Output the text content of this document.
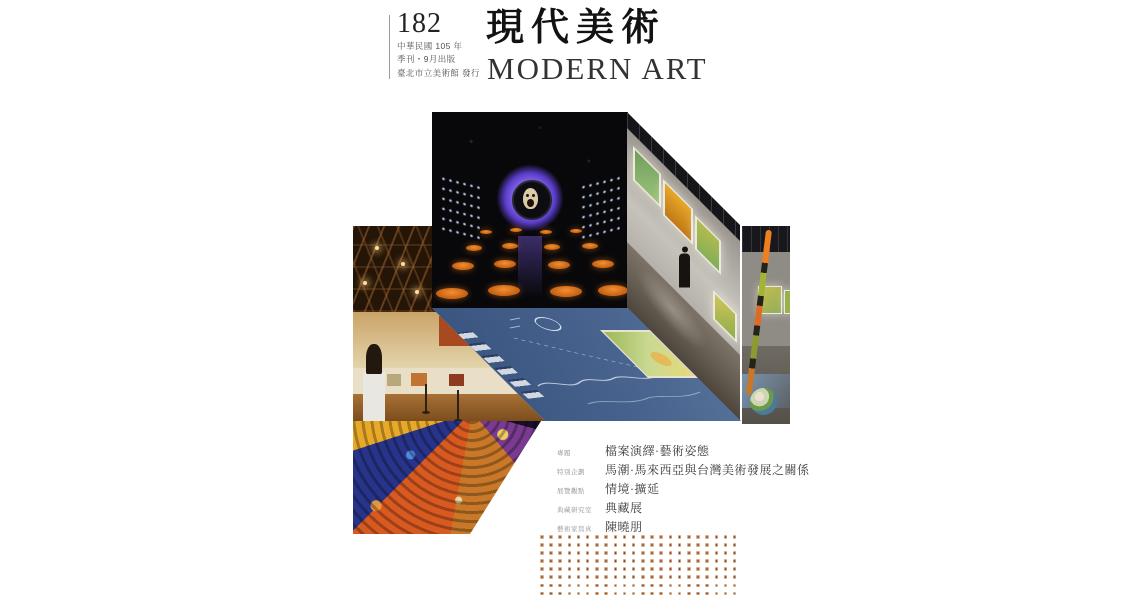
182
中華民國 105 年
季刊・9月出版
臺北市立美術館 發行
現代美術
MODERN ART
專題	檔案演繹·藝術姿態
特別企劃	馬潮·馬來西亞與台灣美術發展之關係
展覽觀點	情境·擴延
典藏研究室	典藏展
藝術家寫真	陳曉朋
